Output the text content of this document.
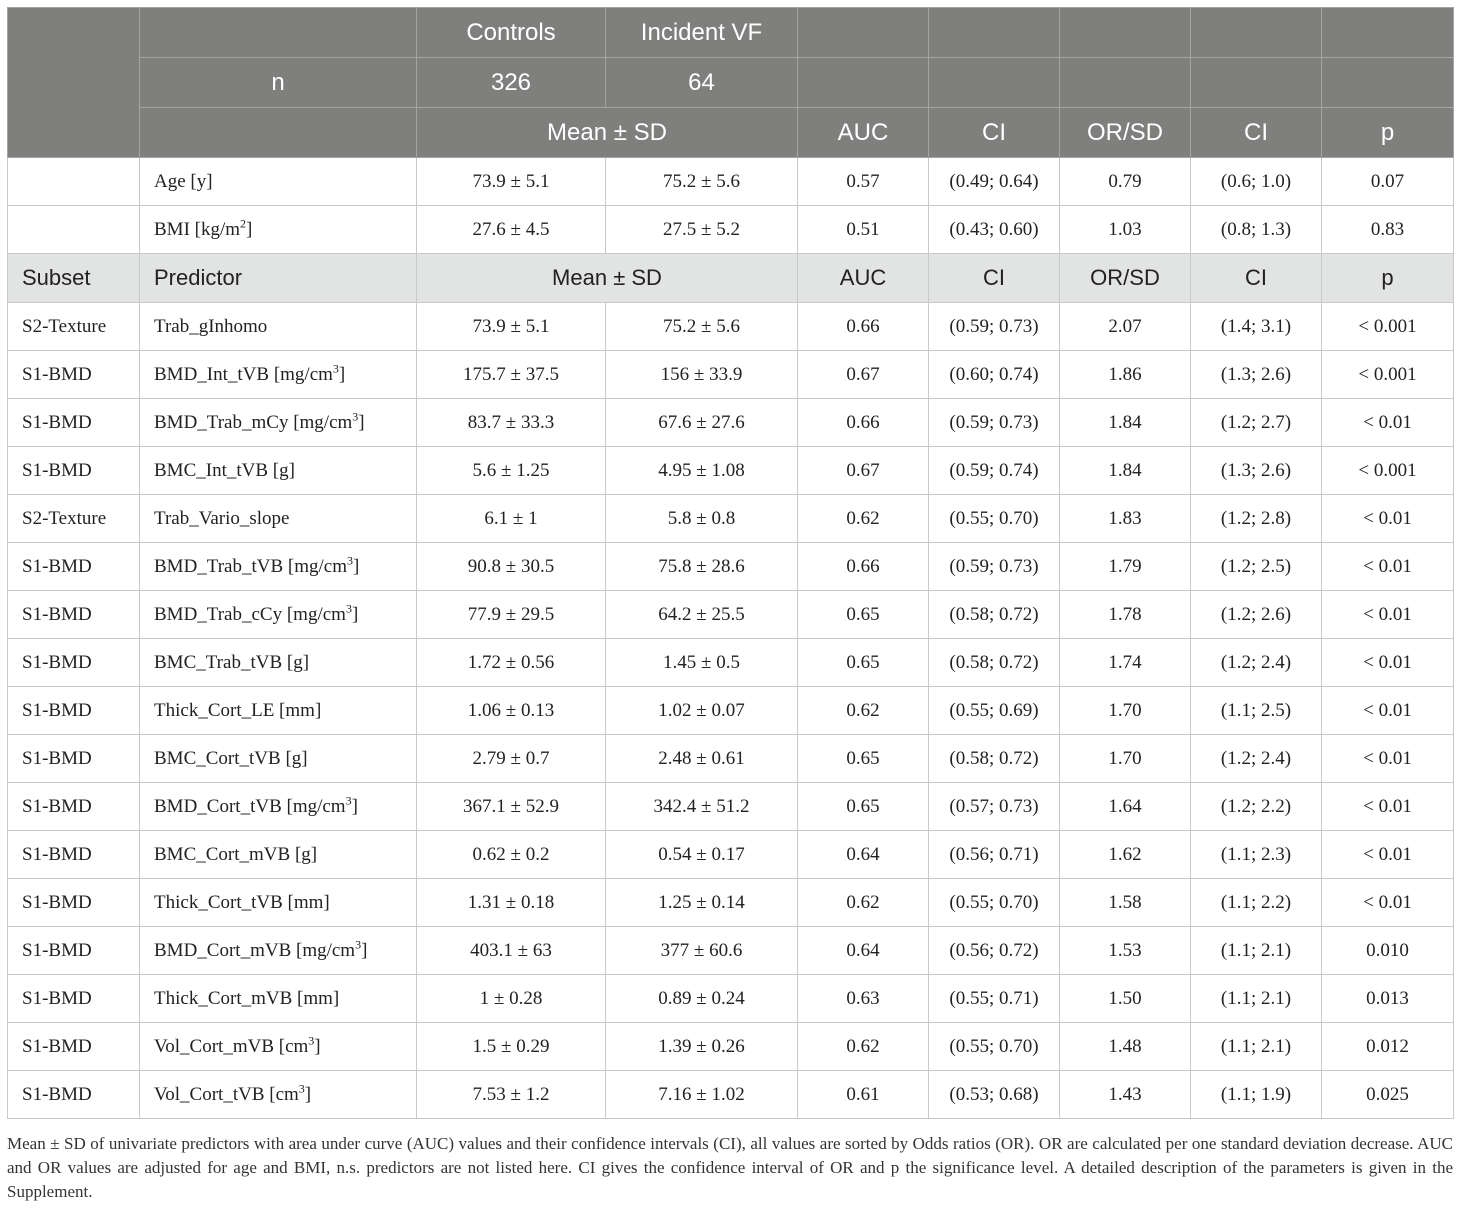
		Controls	Incident VF					
	n	326	64					
		Mean ± SD		AUC	CI	OR/SD	CI	p
	Age [y]	73.9 ± 5.1	75.2 ± 5.6	0.57	(0.49; 0.64)	0.79	(0.6; 1.0)	0.07
	BMI $[kg/m^2]$	27.6 ± 4.5	27.5 ± 5.2	0.51	(0.43; 0.60)	1.03	(0.8; 1.3)	0.83
Subset	Predictor	Mean ± SD		AUC	CI	OR/SD	CI	p
S2-Texture	Trab_gInhomo	73.9 ± 5.1	75.2 ± 5.6	0.66	(0.59; 0.73)	2.07	(1.4; 3.1)	< 0.001
S1-BMD	BMD_Int_tVB $[mg/cm^3]$	175.7 ± 37.5	156 ± 33.9	0.67	(0.60; 0.74)	1.86	(1.3; 2.6)	< 0.001
S1-BMD	BMD_Trab_mCy $[mg/cm^3]$	83.7 ± 33.3	67.6 ± 27.6	0.66	(0.59; 0.73)	1.84	(1.2; 2.7)	< 0.01
S1-BMD	BMC_Int_tVB [g]	5.6 ± 1.25	4.95 ± 1.08	0.67	(0.59; 0.74)	1.84	(1.3; 2.6)	< 0.001
S2-Texture	Trab_Vario_slope	6.1 ± 1	5.8 ± 0.8	0.62	(0.55; 0.70)	1.83	(1.2; 2.8)	< 0.01
S1-BMD	BMD_Trab_tVB $[mg/cm^3]$	90.8 ± 30.5	75.8 ± 28.6	0.66	(0.59; 0.73)	1.79	(1.2; 2.5)	< 0.01
S1-BMD	BMD_Trab_cCy $[mg/cm^3]$	77.9 ± 29.5	64.2 ± 25.5	0.65	(0.58; 0.72)	1.78	(1.2; 2.6)	< 0.01
S1-BMD	BMC_Trab_tVB [g]	1.72 ± 0.56	1.45 ± 0.5	0.65	(0.58; 0.72)	1.74	(1.2; 2.4)	< 0.01
S1-BMD	Thick_Cort_LE [mm]	1.06 ± 0.13	1.02 ± 0.07	0.62	(0.55; 0.69)	1.70	(1.1; 2.5)	< 0.01
S1-BMD	BMC_Cort_tVB [g]	2.79 ± 0.7	2.48 ± 0.61	0.65	(0.58; 0.72)	1.70	(1.2; 2.4)	< 0.01
S1-BMD	BMD_Cort_tVB $[mg/cm^3]$	367.1 ± 52.9	342.4 ± 51.2	0.65	(0.57; 0.73)	1.64	(1.2; 2.2)	< 0.01
S1-BMD	BMC_Cort_mVB [g]	0.62 ± 0.2	0.54 ± 0.17	0.64	(0.56; 0.71)	1.62	(1.1; 2.3)	< 0.01
S1-BMD	Thick_Cort_tVB [mm]	1.31 ± 0.18	1.25 ± 0.14	0.62	(0.55; 0.70)	1.58	(1.1; 2.2)	< 0.01
S1-BMD	BMD_Cort_mVB $[mg/cm^3]$	403.1 ± 63	377 ± 60.6	0.64	(0.56; 0.72)	1.53	(1.1; 2.1)	0.010
S1-BMD	Thick_Cort_mVB [mm]	1 ± 0.28	0.89 ± 0.24	0.63	(0.55; 0.71)	1.50	(1.1; 2.1)	0.013
S1-BMD	Vol_Cort_mVB $[cm^3]$	1.5 ± 0.29	1.39 ± 0.26	0.62	(0.55; 0.70)	1.48	(1.1; 2.1)	0.012
S1-BMD	Vol_Cort_tVB $[cm^3]$	7.53 ± 1.2	7.16 ± 1.02	0.61	(0.53; 0.68)	1.43	(1.1; 1.9)	0.025
Mean ± SD of univariate predictors with area under curve (AUC) values and their confidence intervals (CI), all values are sorted by Odds ratios (OR). OR are calculated per one standard deviation decrease. AUC and OR values are adjusted for age and BMI, n.s. predictors are not listed here. CI gives the confidence interval of OR and p the significance level. A detailed description of the parameters is given in the Supplement.
